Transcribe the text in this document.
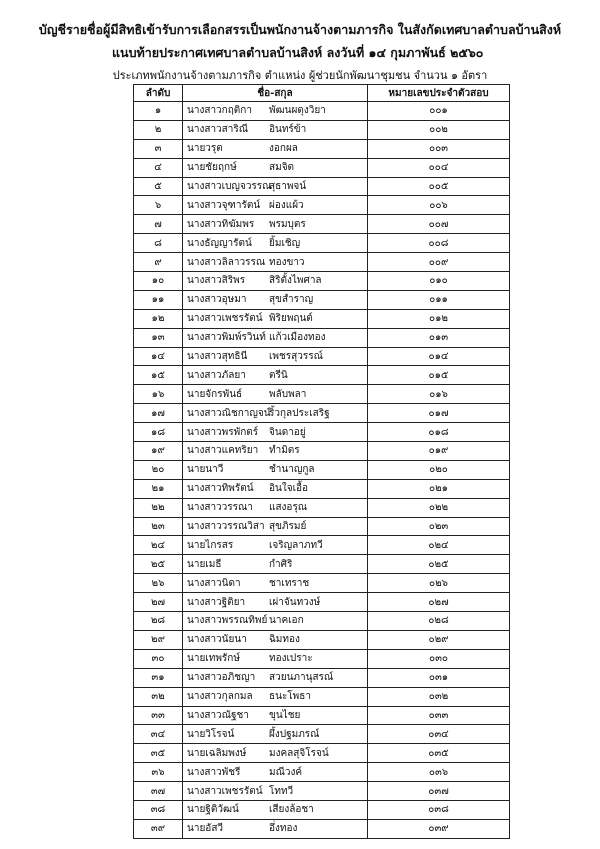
บัญชีรายชื่อผู้มีสิทธิเข้ารับการเลือกสรรเป็นพนักงานจ้างตามภารกิจ ในสังกัดเทศบาลตำบลบ้านสิงห์
แนบท้ายประกาศเทศบาลตำบลบ้านสิงห์ ลงวันที่ ๑๔ กุมภาพันธ์ ๒๕๖๐
ประเภทพนักงานจ้างตามภารกิจ ตำแหน่ง ผู้ช่วยนักพัฒนาชุมชน จำนวน ๑ อัตรา
ลำดับ	ชื่อ-สกุล	หมายเลขประจำตัวสอบ
๑	นางสาวกฤติกา พัฒนผดุงวิยา	๐๐๑
๒	นางสาวสาริณี อินทร์ข้า	๐๐๒
๓	นายวรุต งอกผล	๐๐๓
๔	นายชัยฤกษ์ สมจิต	๐๐๔
๕	นางสาวเบญจวรรณสุธาพจน์	๐๐๕
๖	นางสาวจุฑารัตน์ ผ่องแผ้ว	๐๐๖
๗	นางสาวทิฆัมพร พรมบุตร	๐๐๗
๘	นางธัญญารัตน์ ยิ้มเชิญ	๐๐๘
๙	นางสาวลิลาวรรณ ทองขาว	๐๐๙
๑๐	นางสาวสิริพร สิริตั้งไพศาล	๐๑๐
๑๑	นางสาวอุษมา สุขสำราญ	๐๑๑
๑๒	นางสาวเพชรรัตน์ พิริยพฤนต์	๐๑๒
๑๓	นางสาวพิมพ์รวินท์ แก้วเมืองทอง	๐๑๓
๑๔	นางสาวสุทธินี เพชรสุวรรณ์	๐๑๔
๑๕	นางสาวภัลยา ตรีนิ	๐๑๕
๑๖	นายจักรพันธ์ พลับพลา	๐๑๖
๑๗	นางสาวณิชกาญจน์ริ้วกุลประเสริฐ	๐๑๗
๑๘	นางสาวพรพักตร์ จินดาอยู่	๐๑๘
๑๙	นางสาวแคทริยา ทำมิตร	๐๑๙
๒๐	นายนาวี ชำนาญกูล	๐๒๐
๒๑	นางสาวทิพรัตน์ อินใจเอื้อ	๐๒๑
๒๒	นางสาววรรณา แสงอรุณ	๐๒๒
๒๓	นางสาววรรณวิสา สุขภิรมย์	๐๒๓
๒๔	นายไกรสร เจริญลาภทวี	๐๒๔
๒๕	นายเมธี กำศิริ	๐๒๕
๒๖	นางสาวนิดา ชาเทราช	๐๒๖
๒๗	นางสาวฐิติยา เผ่าจันทวงษ์	๐๒๗
๒๘	นางสาวพรรณทิพย์ นาคเอก	๐๒๘
๒๙	นางสาวนัยนา ฉิมทอง	๐๒๙
๓๐	นายเทพรักษ์ ทองเปราะ	๐๓๐
๓๑	นางสาวอภิชญา สวยนภานุสรณ์	๐๓๑
๓๒	นางสาวกุลกมล ธนะโพธา	๐๓๒
๓๓	นางสาวณัฐชา ขุนไชย	๐๓๓
๓๔	นายวิโรจน์ ผึ้งปฐมภรณ์	๐๓๔
๓๕	นายเฉลิมพงษ์ มงคลสุจิโรจน์	๐๓๕
๓๖	นางสาวพัชรี มณีวงค์	๐๓๖
๓๗	นางสาวเพชรรัตน์ โททวี	๐๓๗
๓๘	นายฐิติวัฒน์ เสียงล้อชา	๐๓๘
๓๙	นายอัสวี อึ่งทอง	๐๓๙
